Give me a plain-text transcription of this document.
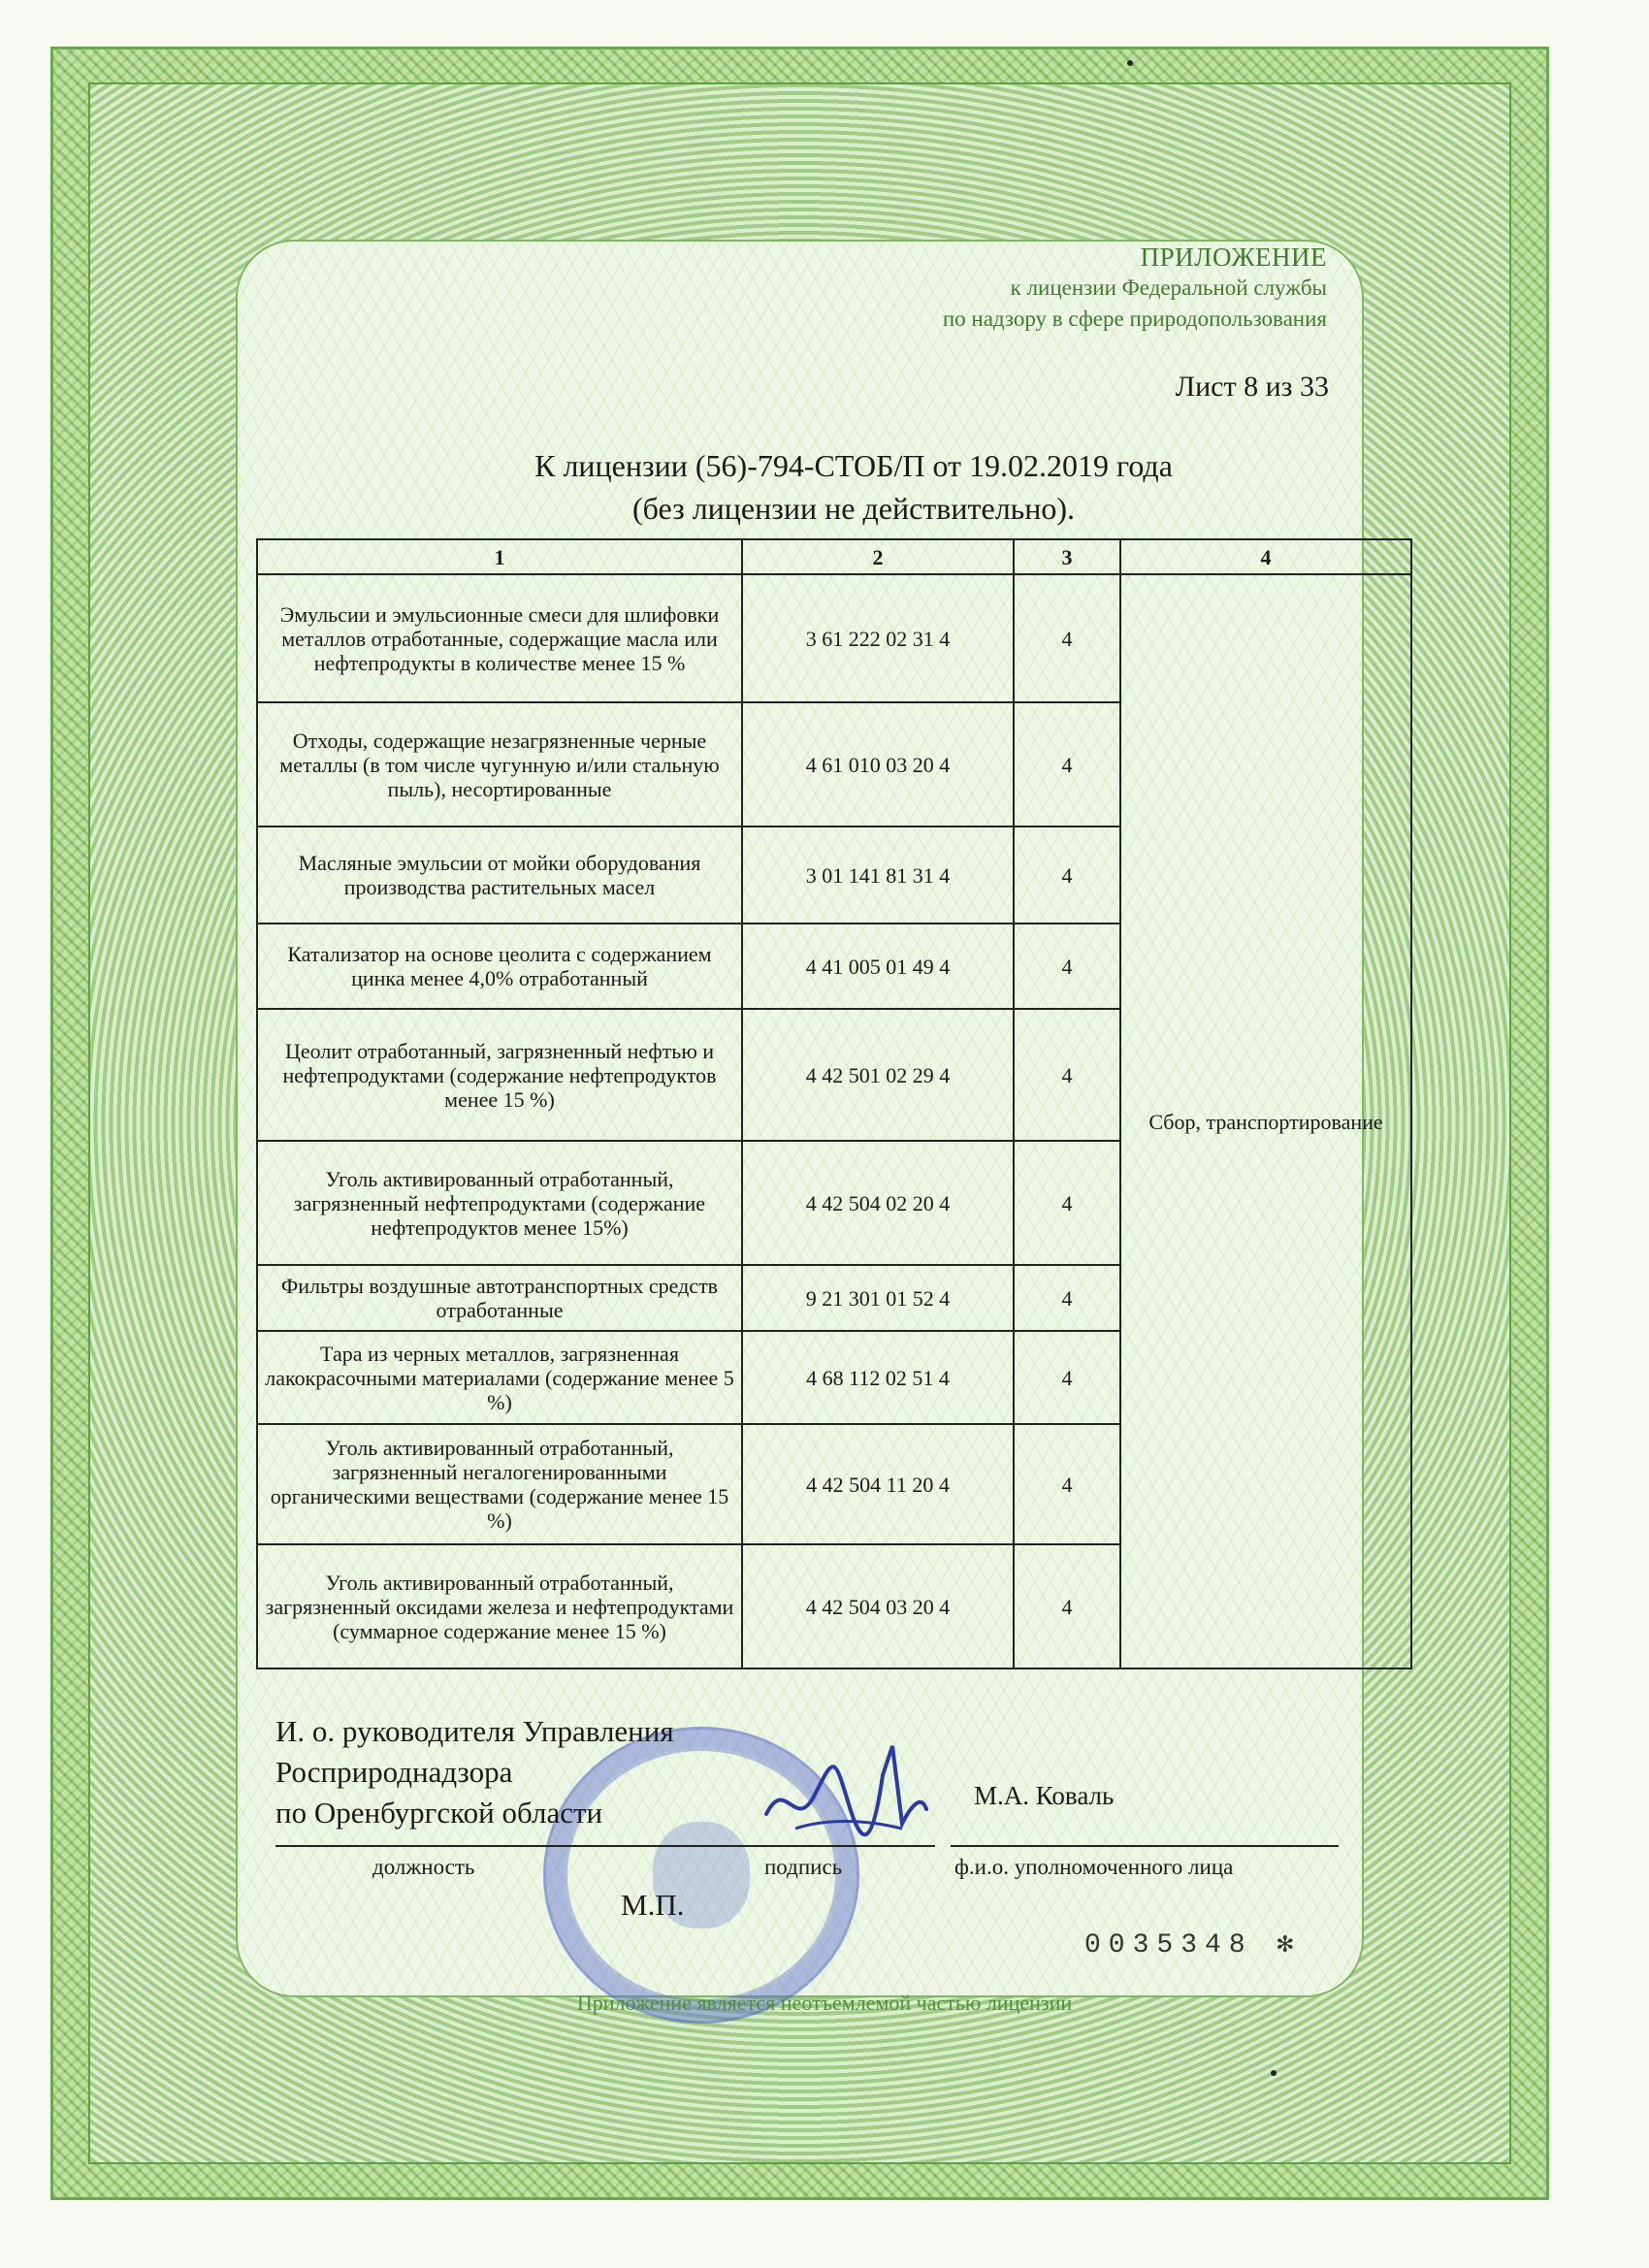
ПРИЛОЖЕНИЕ
к лицензии Федеральной службы
по надзору в сфере природопользования
Лист 8 из 33
К лицензии (56)-794-СТОБ/П от 19.02.2019 года
(без лицензии не действительно).
1	2	3	4
Эмульсии и эмульсионные смеси для шлифовки металлов отработанные, содержащие масла или нефтепродукты в количестве менее 15 %	3 61 222 02 31 4	4	Сбор, транспортирование
Отходы, содержащие незагрязненные черные металлы (в том числе чугунную и/или стальную пыль), несортированные	4 61 010 03 20 4	4	
Масляные эмульсии от мойки оборудования производства растительных масел	3 01 141 81 31 4	4	
Катализатор на основе цеолита с содержанием цинка менее 4,0% отработанный	4 41 005 01 49 4	4	
Цеолит отработанный, загрязненный нефтью и нефтепродуктами (содержание нефтепродуктов менее 15 %)	4 42 501 02 29 4	4	
Уголь активированный отработанный, загрязненный нефтепродуктами (содержание нефтепродуктов менее 15%)	4 42 504 02 20 4	4	
Фильтры воздушные автотранспортных средств отработанные	9 21 301 01 52 4	4	
Тара из черных металлов, загрязненная лакокрасочными материалами (содержание менее 5 %)	4 68 112 02 51 4	4	
Уголь активированный отработанный, загрязненный негалогенированными органическими веществами (содержание менее 15 %)	4 42 504 11 20 4	4	
Уголь активированный отработанный, загрязненный оксидами железа и нефтепродуктами (суммарное содержание менее 15 %)	4 42 504 03 20 4	4	
И. о. руководителя Управления
Росприроднадзора
по Оренбургской области	М.А. Коваль
должность	подпись	ф.и.о. уполномоченного лица
М.П.
0035348 ✻
Приложение является неотъемлемой частью лицензии
